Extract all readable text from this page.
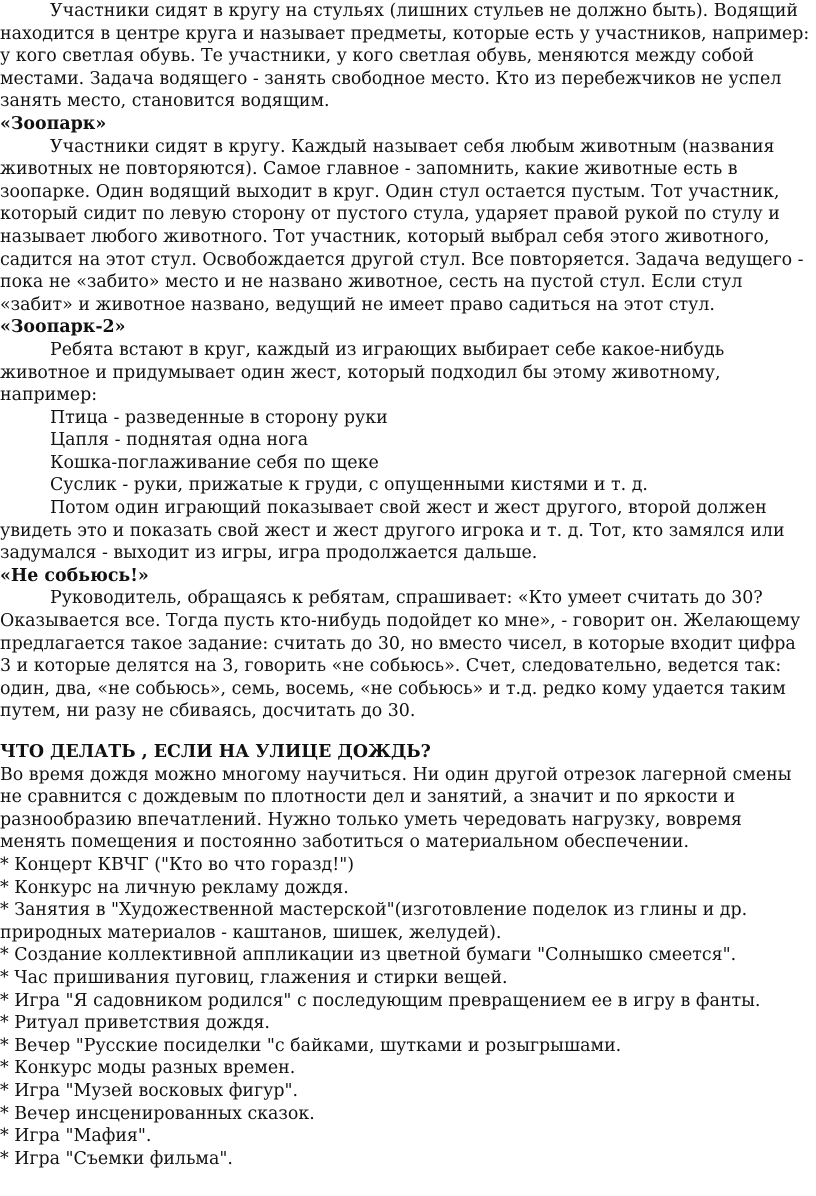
Участники сидят в кругу на стульях (лишних стульев не должно быть). Водящий находится в центре круга и называет предметы, которые есть у участников, например: у кого светлая обувь. Те участники, у кого светлая обувь, меняются между собой местами. Задача водящего - занять свободное место. Кто из перебежчиков не успел занять место, становится водящим.

«Зоопарк»

Участники сидят в кругу. Каждый называет себя любым животным (названия животных не повторяются). Самое главное - запомнить, какие животные есть в зоопарке. Один водящий выходит в круг. Один стул остается пустым. Тот участник, который сидит по левую сторону от пустого стула, ударяет правой рукой по стулу и называет любого животного. Тот участник, который выбрал себя этого животного, садится на этот стул. Освобождается другой стул. Все повторяется. Задача ведущего - пока не «забито» место и не названо животное, сесть на пустой стул. Если стул «забит» и животное названо, ведущий не имеет право садиться на этот стул.

«Зоопарк-2»

Ребята встают в круг, каждый из играющих выбирает себе какое-нибудь животное и придумывает один жест, который подходил бы этому животному, например:

Птица - разведенные в сторону руки

Цапля - поднятая одна нога

Кошка-поглаживание себя по щеке

Суслик - руки, прижатые к груди, с опущенными кистями и т. д.

Потом один играющий показывает свой жест и жест другого, второй должен увидеть это и показать свой жест и жест другого игрока и т. д. Тот, кто замялся или задумался - выходит из игры, игра продолжается дальше.

«Не собьюсь!»

Руководитель, обращаясь к ребятам, спрашивает: «Кто умеет считать до 30? Оказывается все. Тогда пусть кто-нибудь подойдет ко мне», - говорит он. Желающему предлагается такое задание: считать до 30, но вместо чисел, в которые входит цифра 3 и которые делятся на 3, говорить «не собьюсь». Счет, следовательно, ведется так: один, два, «не собьюсь», семь, восемь, «не собьюсь» и т.д. редко кому удается таким путем, ни разу не сбиваясь, досчитать до 30.

ЧТО ДЕЛАТЬ , ЕСЛИ НА УЛИЦЕ ДОЖДЬ?

Во время дождя можно многому научиться. Ни один другой отрезок лагерной смены не сравнится с дождевым по плотности дел и занятий, а значит и по яркости и разнообразию впечатлений. Нужно только уметь чередовать нагрузку, вовремя менять помещения и постоянно заботиться о материальном обеспечении.

* Концерт КВЧГ ("Кто во что горазд!")

* Конкурс на личную рекламу дождя.

* Занятия в "Художественной мастерской"(изготовление поделок из глины и др. природных материалов - каштанов, шишек, желудей).

* Создание коллективной аппликации из цветной бумаги "Солнышко смеется".

* Час пришивания пуговиц, глажения и стирки вещей.

* Игра "Я садовником родился" с последующим превращением ее в игру в фанты.

* Ритуал приветствия дождя.

* Вечер "Русские посиделки "с байками, шутками и розыгрышами.

* Конкурс моды разных времен.

* Игра "Музей восковых фигур".

* Вечер инсценированных сказок.

* Игра "Мафия".

* Игра "Съемки фильма".
